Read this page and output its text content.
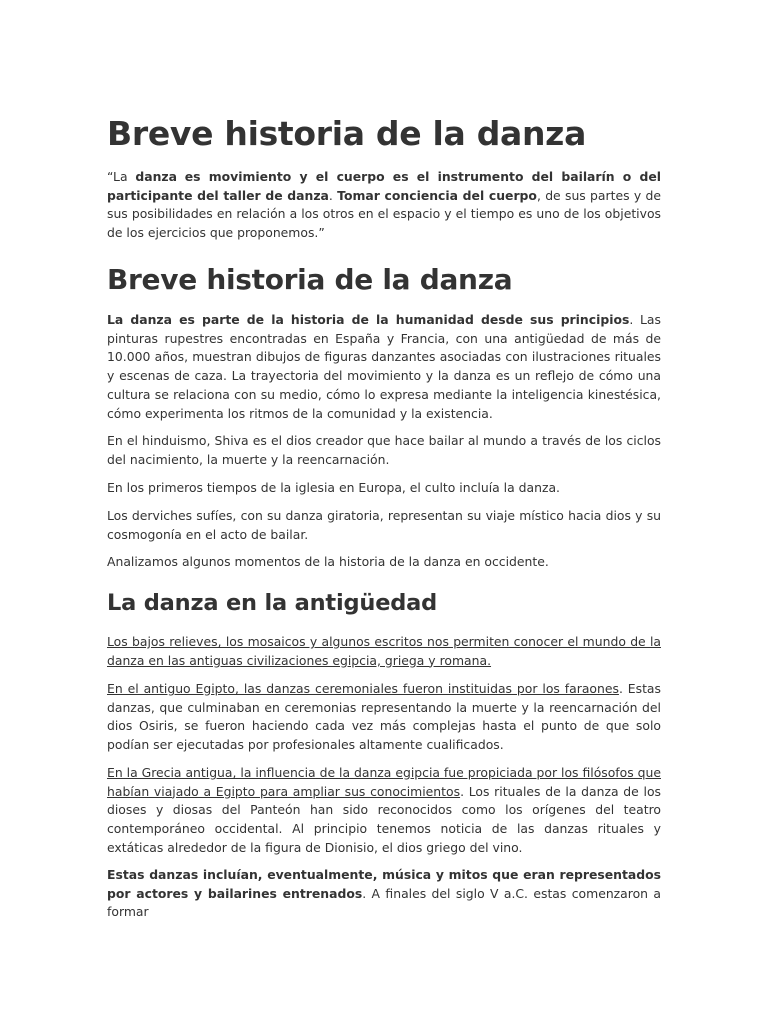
Breve historia de la danza

“La danza es movimiento y el cuerpo es el instrumento del bailarín o del participante del taller de danza. Tomar conciencia del cuerpo, de sus partes y de sus posibilidades en relación a los otros en el espacio y el tiempo es uno de los objetivos de los ejercicios que proponemos.”

Breve historia de la danza

La danza es parte de la historia de la humanidad desde sus principios. Las pinturas rupestres encontradas en España y Francia, con una antigüedad de más de 10.000 años, muestran dibujos de figuras danzantes asociadas con ilustraciones rituales y escenas de caza. La trayectoria del movimiento y la danza es un reflejo de cómo una cultura se relaciona con su medio, cómo lo expresa mediante la inteligencia kinestésica, cómo experimenta los ritmos de la comunidad y la existencia.

En el hinduismo, Shiva es el dios creador que hace bailar al mundo a través de los ciclos del nacimiento, la muerte y la reencarnación.

En los primeros tiempos de la iglesia en Europa, el culto incluía la danza.

Los derviches sufíes, con su danza giratoria, representan su viaje místico hacia dios y su cosmogonía en el acto de bailar.

Analizamos algunos momentos de la historia de la danza en occidente.

La danza en la antigüedad

Los bajos relieves, los mosaicos y algunos escritos nos permiten conocer el mundo de la danza en las antiguas civilizaciones egipcia, griega y romana.

En el antiguo Egipto, las danzas ceremoniales fueron instituidas por los faraones. Estas danzas, que culminaban en ceremonias representando la muerte y la reencarnación del dios Osiris, se fueron haciendo cada vez más complejas hasta el punto de que solo podían ser ejecutadas por profesionales altamente cualificados.

En la Grecia antigua, la influencia de la danza egipcia fue propiciada por los filósofos que habían viajado a Egipto para ampliar sus conocimientos. Los rituales de la danza de los dioses y diosas del Panteón han sido reconocidos como los orígenes del teatro contemporáneo occidental. Al principio tenemos noticia de las danzas rituales y extáticas alrededor de la figura de Dionisio, el dios griego del vino.

Estas danzas incluían, eventualmente, música y mitos que eran representados por actores y bailarines entrenados. A finales del siglo V a.C. estas comenzaron a formar
